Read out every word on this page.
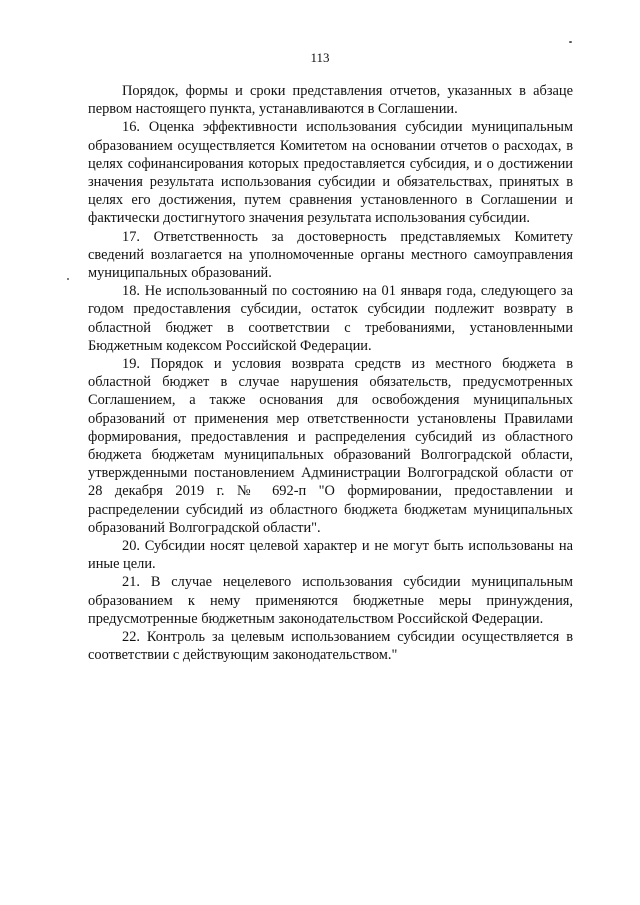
113

Порядок, формы и сроки представления отчетов, указанных в абзаце первом настоящего пункта, устанавливаются в Соглашении.

16. Оценка эффективности использования субсидии муниципальным образованием осуществляется Комитетом на основании отчетов о расходах, в целях софинансирования которых предоставляется субсидия, и о достижении значения результата использования субсидии и обязательствах, принятых в целях его достижения, путем сравнения установленного в Соглашении и фактически достигнутого значения результата использования субсидии.

17. Ответственность за достоверность представляемых Комитету сведений возлагается на уполномоченные органы местного самоуправления муниципальных образований.

18. Не использованный по состоянию на 01 января года, следующего за годом предоставления субсидии, остаток субсидии подлежит возврату в областной бюджет в соответствии с требованиями, установленными Бюджетным кодексом Российской Федерации.

19. Порядок и условия возврата средств из местного бюджета в областной бюджет в случае нарушения обязательств, предусмотренных Соглашением, а также основания для освобождения муниципальных образований от применения мер ответственности установлены Правилами формирования, предоставления и распределения субсидий из областного бюджета бюджетам муниципальных образований Волгоградской области, утвержденными постановлением Администрации Волгоградской области от 28 декабря 2019 г. № 692-п "О формировании, предоставлении и распределении субсидий из областного бюджета бюджетам муниципальных образований Волгоградской области".

20. Субсидии носят целевой характер и не могут быть использованы на иные цели.

21. В случае нецелевого использования субсидии муниципальным образованием к нему применяются бюджетные меры принуждения, предусмотренные бюджетным законодательством Российской Федерации.

22. Контроль за целевым использованием субсидии осуществляется в соответствии с действующим законодательством."
